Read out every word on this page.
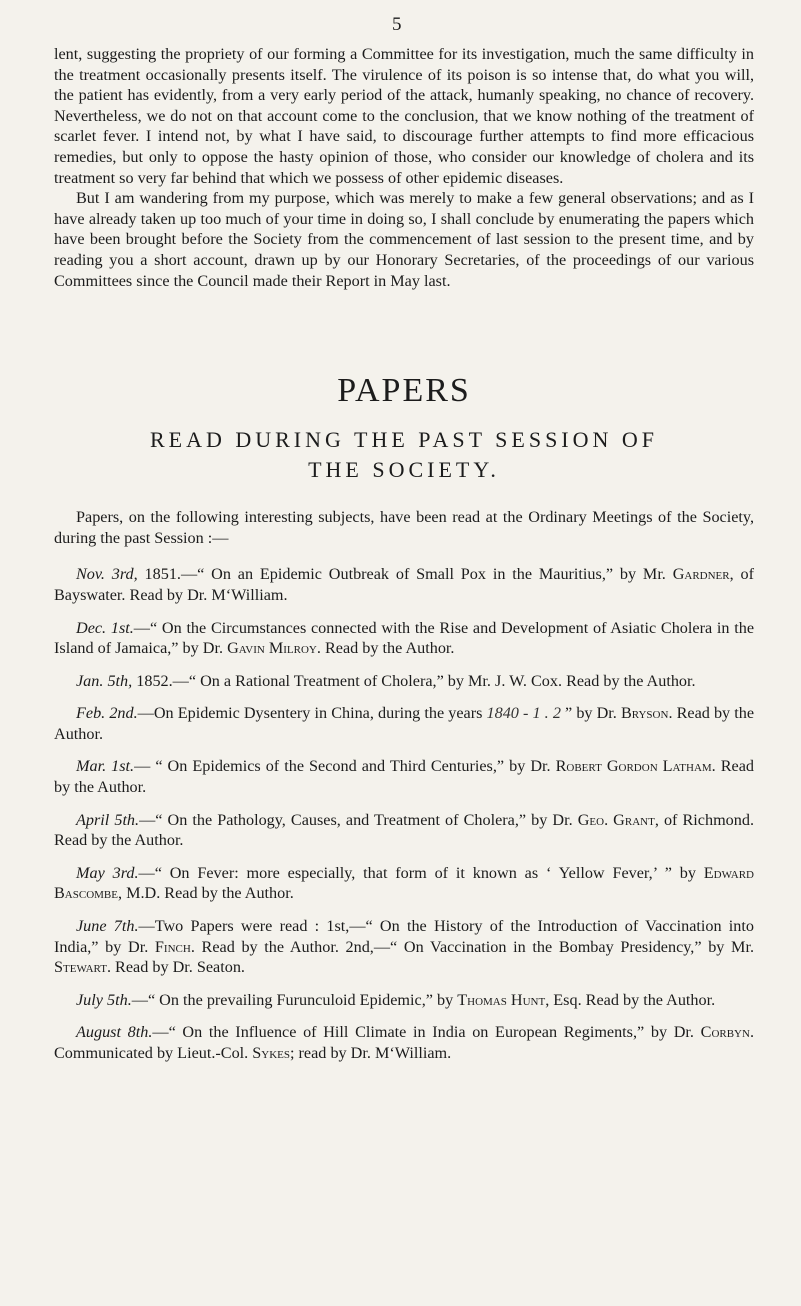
5

lent, suggesting the propriety of our forming a Committee for its investigation, much the same difficulty in the treatment occasionally presents itself. The virulence of its poison is so intense that, do what you will, the patient has evidently, from a very early period of the attack, humanly speaking, no chance of recovery. Nevertheless, we do not on that account come to the conclusion, that we know nothing of the treatment of scarlet fever. I intend not, by what I have said, to discourage further attempts to find more efficacious remedies, but only to oppose the hasty opinion of those, who consider our knowledge of cholera and its treatment so very far behind that which we possess of other epidemic diseases.

But I am wandering from my purpose, which was merely to make a few general observations; and as I have already taken up too much of your time in doing so, I shall conclude by enumerating the papers which have been brought before the Society from the commencement of last session to the present time, and by reading you a short account, drawn up by our Honorary Secretaries, of the proceedings of our various Committees since the Council made their Report in May last.

PAPERS
READ DURING THE PAST SESSION OF
THE SOCIETY.

Papers, on the following interesting subjects, have been read at the Ordinary Meetings of the Society, during the past Session :—

Nov. 3rd, 1851.—“ On an Epidemic Outbreak of Small Pox in the Mauritius,” by Mr. Gardner, of Bayswater. Read by Dr. M‘William.

Dec. 1st.—“ On the Circumstances connected with the Rise and Development of Asiatic Cholera in the Island of Jamaica,” by Dr. Gavin Milroy. Read by the Author.

Jan. 5th, 1852.—“ On a Rational Treatment of Cholera,” by Mr. J. W. Cox. Read by the Author.

Feb. 2nd.—On Epidemic Dysentery in China, during the years 1840 - 1 . 2 ” by Dr. Bryson. Read by the Author.

Mar. 1st.— “ On Epidemics of the Second and Third Centuries,” by Dr. Robert Gordon Latham. Read by the Author.

April 5th.—“ On the Pathology, Causes, and Treatment of Cholera,” by Dr. Geo. Grant, of Richmond. Read by the Author.

May 3rd.—“ On Fever: more especially, that form of it known as ‘ Yellow Fever,’ ” by Edward Bascombe, M.D. Read by the Author.

June 7th.—Two Papers were read : 1st,—“ On the History of the Introduction of Vaccination into India,” by Dr. Finch. Read by the Author. 2nd,—“ On Vaccination in the Bombay Presidency,” by Mr. Stewart. Read by Dr. Seaton.

July 5th.—“ On the prevailing Furunculoid Epidemic,” by Thomas Hunt, Esq. Read by the Author.

August 8th.—“ On the Influence of Hill Climate in India on European Regiments,” by Dr. Corbyn. Communicated by Lieut.-Col. Sykes; read by Dr. M‘William.
